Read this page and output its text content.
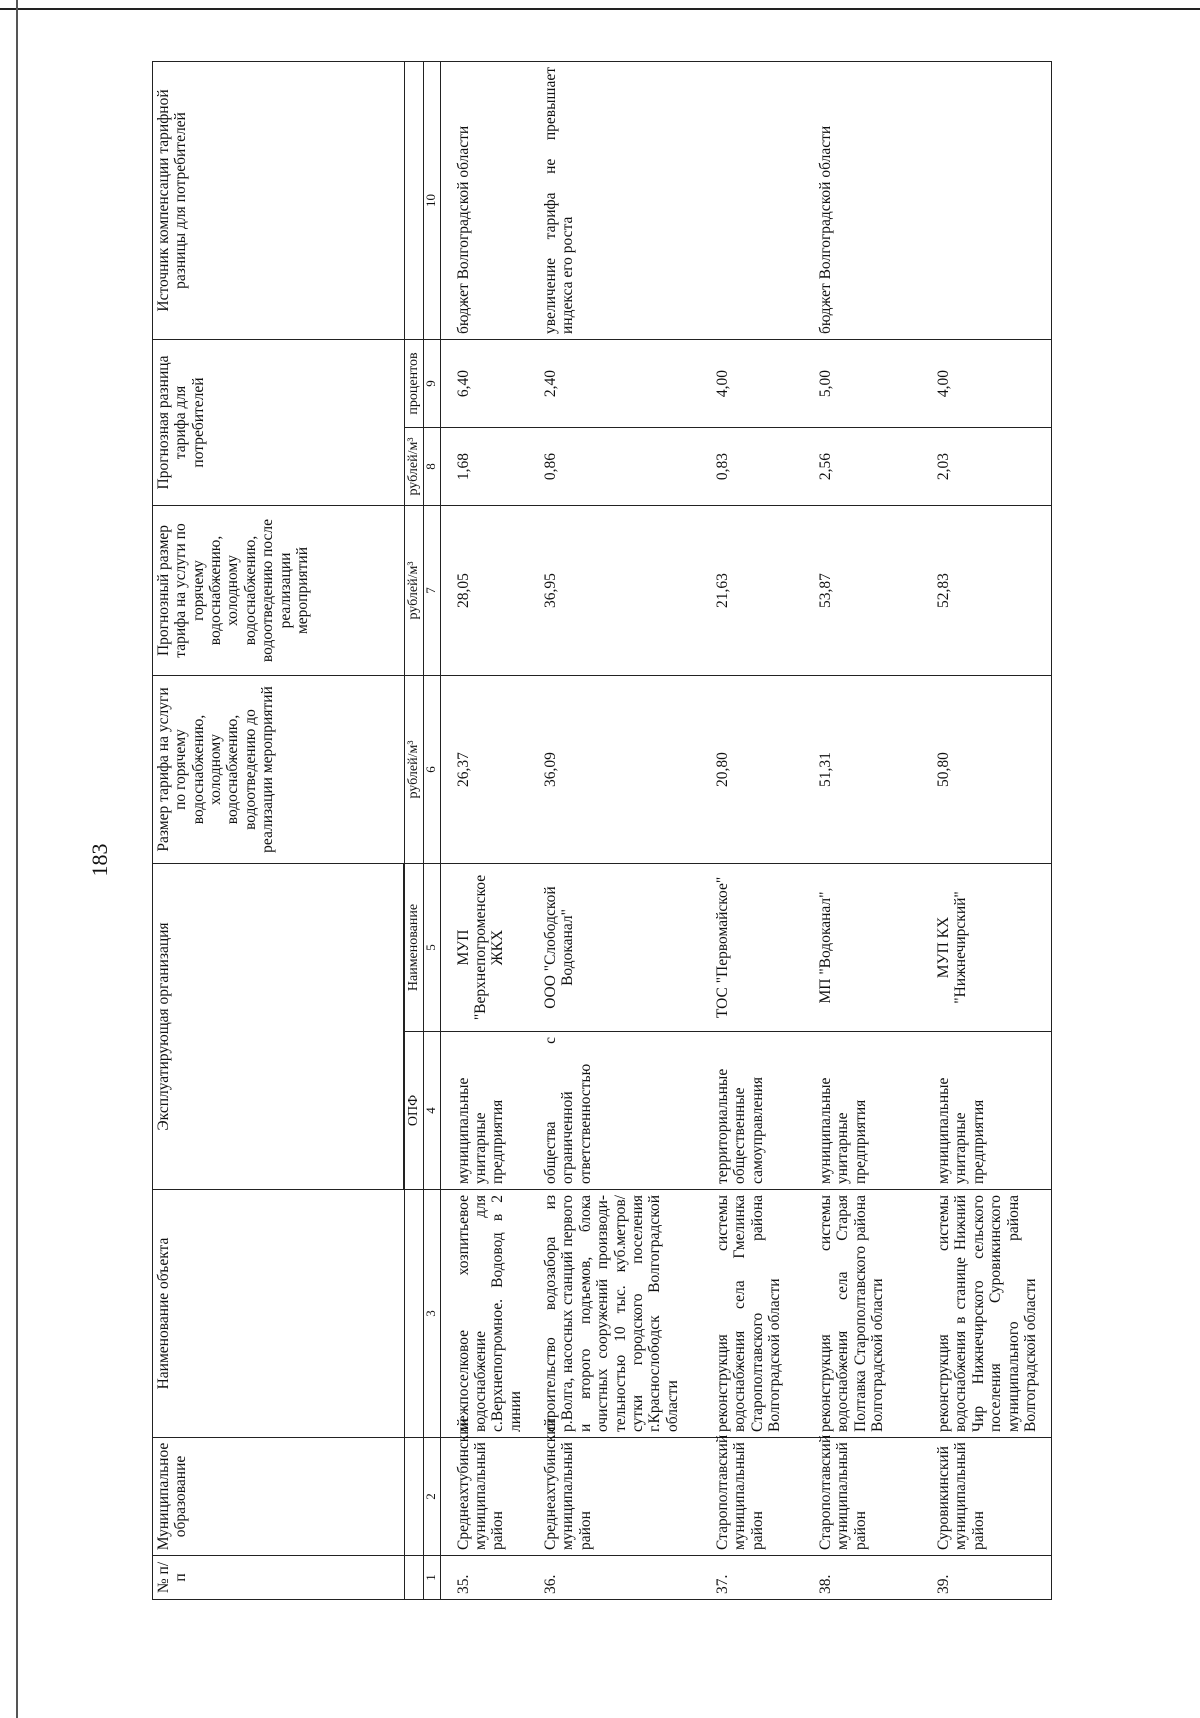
183
№ п/п	Муниципальное образование	Наименование объекта	Эксплуатирующая организация		Размер тарифа на услуги по горячему водоснабжению, холодному водоснабжению, водоотведению до реализации мероприятий	Прогнозный размер тарифа на услуги по горячему водоснабжению, холодному водоснабжению, водоотведению после реализации мероприятий	Прогнозная разница тарифа для потребителей		Источник компенсации тарифной разницы для потребителей

			ОПФ	Наименование	рублей/м³	рублей/м³	рублей/м³	процентов	
1	2	3	4	5	6	7	8	9	10
35.	Среднеахтубинский муниципальный район	межпоселковое хозпитьевое водоснабжение для с.Верхнепогромное. Водовод в 2 линии	муниципальные унитарные предприятия	МУП "Верхнепогроменское ЖКХ	26,37	28,05	1,68	6,40	бюджет Волгоградской области
36.	Среднеахтубинский муниципальный район	строительство водозабора из р.Волга, насосных станций первого и второго подъемов, блока очистных сооружений производи-тельностью 10 тыс. куб.метров/сутки городского поселения г.Краснослободск Волгоградской области	общества с ограниченной ответственностью	ООО "Слободской Водоканал"	36,09	36,95	0,86	2,40	увеличение тарифа не превышает индекса его роста
37.	Старополтавский муниципальный район	реконструкция системы водоснабжения села Гмелинка Старополтавского района Волгоградской области	территориальные общественные самоуправления	ТОС "Первомайское"	20,80	21,63	0,83	4,00	
38.	Старополтавский муниципальный район	реконструкция системы водоснабжения села Старая Полтавка Старополтавского района Волгоградской области	муниципальные унитарные предприятия	МП "Водоканал"	51,31	53,87	2,56	5,00	бюджет Волгоградской области
39.	Суровикинский муниципальный район	реконструкция системы водоснабжения в станице Нижний Чир Нижнечирского сельского поселения Суровикинского муниципального района Волгоградской области	муниципальные унитарные предприятия	МУП КХ "Нижнечирский"	50,80	52,83	2,03	4,00	
